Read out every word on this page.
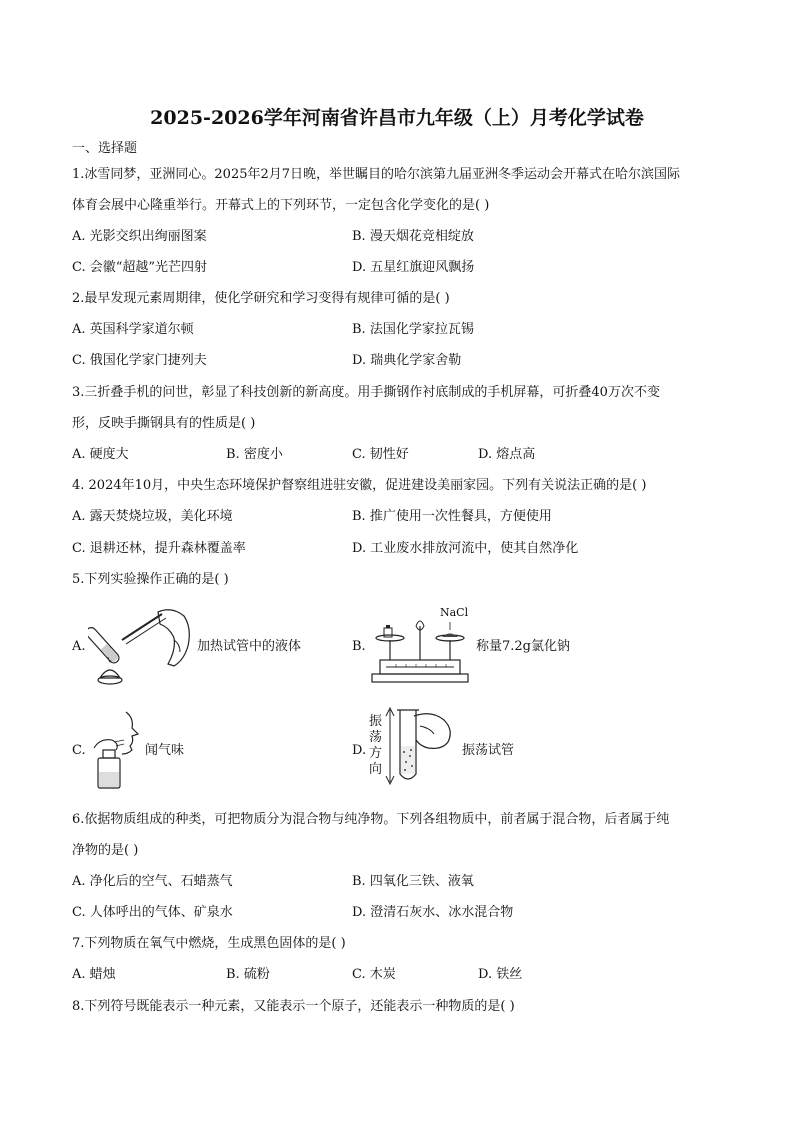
2025-2026学年河南省许昌市九年级（上）月考化学试卷
一、选择题
1.冰雪同梦，亚洲同心。2025年2月7日晚，举世瞩目的哈尔滨第九届亚洲冬季运动会开幕式在哈尔滨国际
体育会展中心隆重举行。开幕式上的下列环节，一定包含化学变化的是( )
A. 光影交织出绚丽图案	B. 漫天烟花竞相绽放
C. 会徽“超越”光芒四射	D. 五星红旗迎风飘扬
2.最早发现元素周期律，使化学研究和学习变得有规律可循的是( )
A. 英国科学家道尔顿	B. 法国化学家拉瓦锡
C. 俄国化学家门捷列夫	D. 瑞典化学家舍勒
3.三折叠手机的问世，彰显了科技创新的新高度。用手撕钢作衬底制成的手机屏幕，可折叠40万次不变
形，反映手撕钢具有的性质是( )
A. 硬度大	B. 密度小	C. 韧性好	D. 熔点高
4. 2024年10月，中央生态环境保护督察组进驻安徽，促进建设美丽家园。下列有关说法正确的是( )
A. 露天焚烧垃圾，美化环境	B. 推广使用一次性餐具，方便使用
C. 退耕还林，提升森林覆盖率	D. 工业废水排放河流中，使其自然净化
5.下列实验操作正确的是( )
A.	加热试管中的液体	B.
NaCl
称量7.2g氯化钠
C.	闻气味	D.
振
荡
方
向
振荡试管
6.依据物质组成的种类，可把物质分为混合物与纯净物。下列各组物质中，前者属于混合物，后者属于纯
净物的是( )
A. 净化后的空气、石蜡蒸气	B. 四氧化三铁、液氧
C. 人体呼出的气体、矿泉水	D. 澄清石灰水、冰水混合物
7.下列物质在氧气中燃烧，生成黑色固体的是( )
A. 蜡烛	B. 硫粉	C. 木炭	D. 铁丝
8.下列符号既能表示一种元素，又能表示一个原子，还能表示一种物质的是( )
